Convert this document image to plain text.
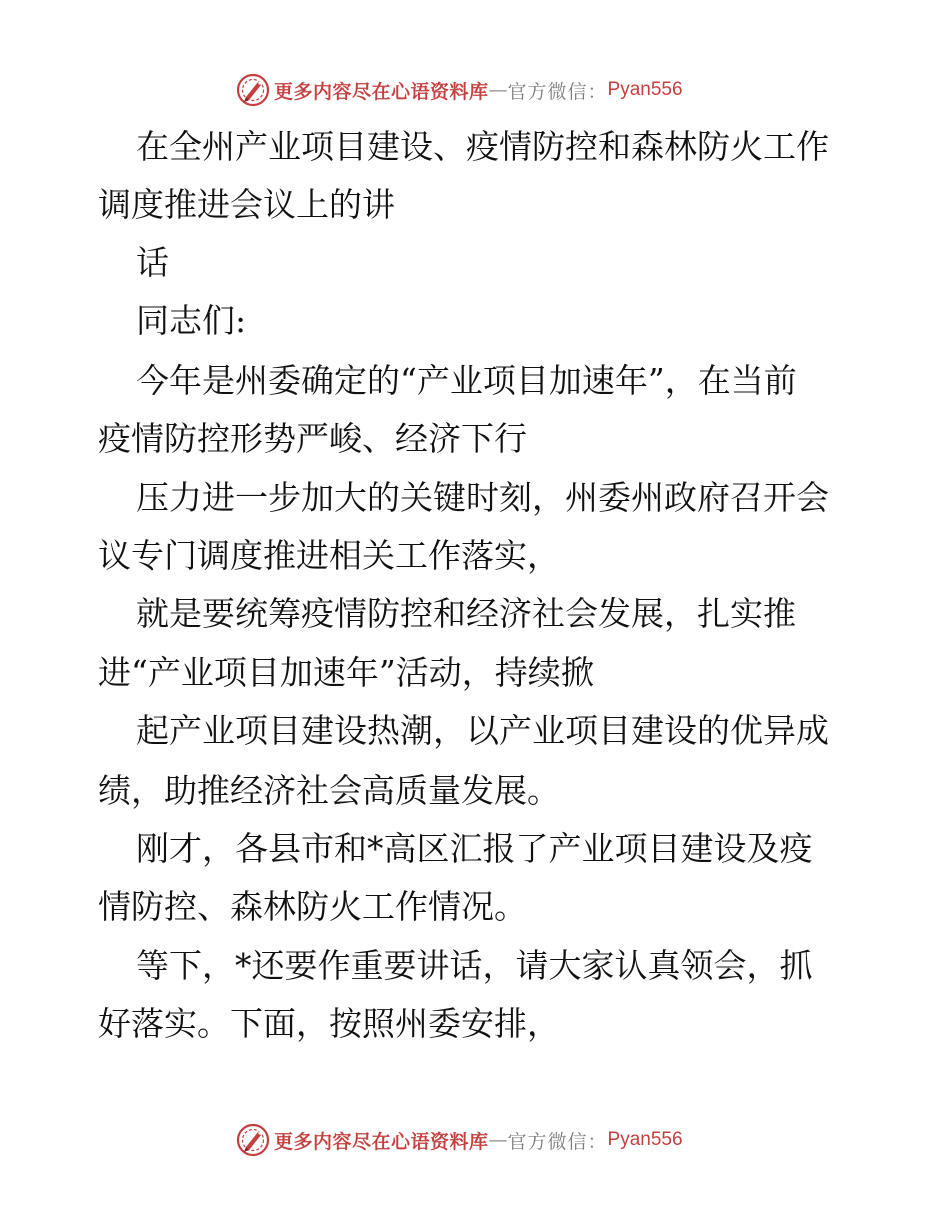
更多内容尽在心语资料库 — 官方微信： Pyan556
在全州产业项目建设、疫情防控和森林防火工作
调度推进会议上的讲
话
同志们:
今年是州委确定的“产业项目加速年”，在当前
疫情防控形势严峻、经济下行
压力进一步加大的关键时刻，州委州政府召开会
议专门调度推进相关工作落实，
就是要统筹疫情防控和经济社会发展，扎实推
进“产业项目加速年”活动，持续掀
起产业项目建设热潮，以产业项目建设的优异成
绩，助推经济社会高质量发展。
刚才，各县市和*高区汇报了产业项目建设及疫
情防控、森林防火工作情况。
等下，*还要作重要讲话，请大家认真领会，抓
好落实。下面，按照州委安排，
更多内容尽在心语资料库 — 官方微信： Pyan556
